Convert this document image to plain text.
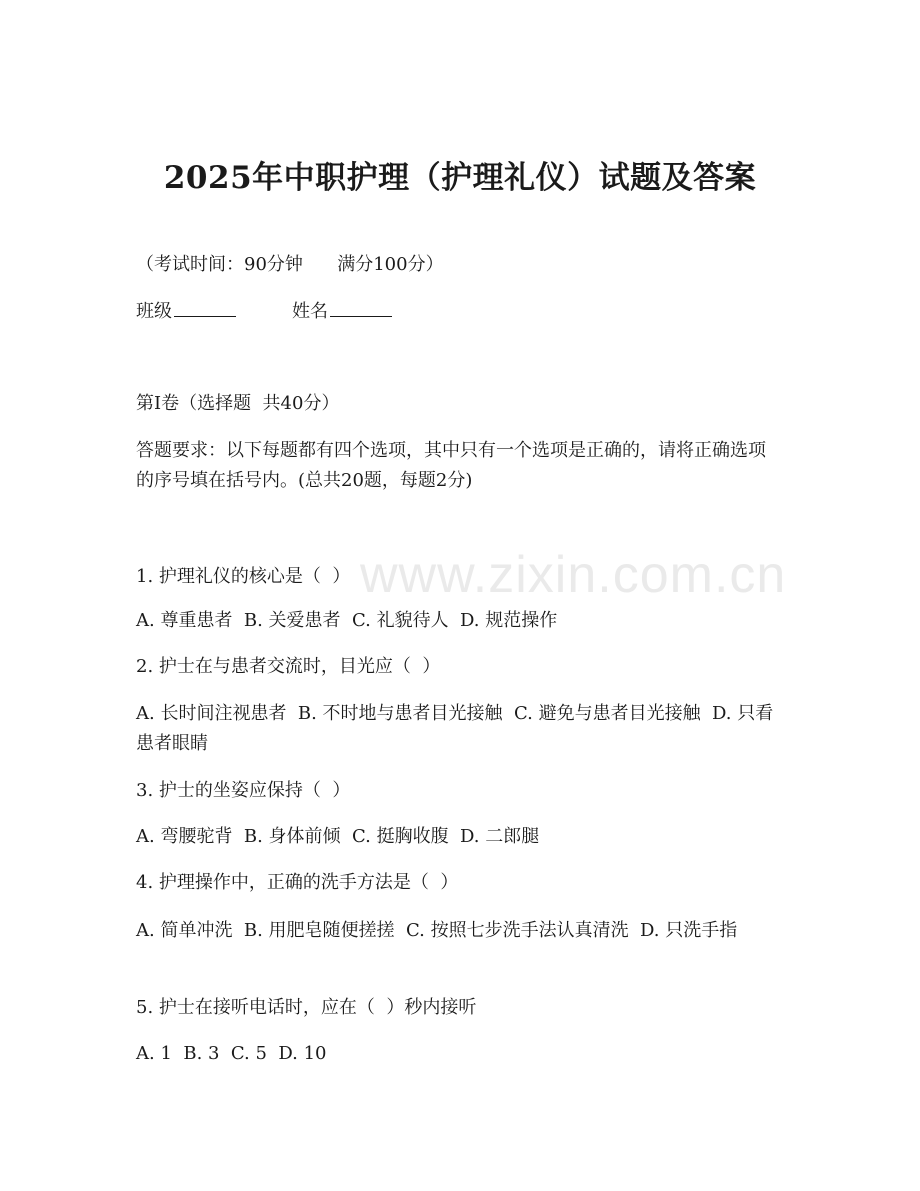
2025年中职护理（护理礼仪）试题及答案

（考试时间：90分钟      满分100分）

班级	姓名

第I卷（选择题  共40分）

答题要求：以下每题都有四个选项，其中只有一个选项是正确的，请将正确选项的序号填在括号内。(总共20题，每题2分)

1. 护理礼仪的核心是（  ）

A. 尊重患者  B. 关爱患者  C. 礼貌待人  D. 规范操作

2. 护士在与患者交流时，目光应（  ）

A. 长时间注视患者  B. 不时地与患者目光接触  C. 避免与患者目光接触  D. 只看患者眼睛

3. 护士的坐姿应保持（  ）

A. 弯腰驼背  B. 身体前倾  C. 挺胸收腹  D. 二郎腿

4. 护理操作中，正确的洗手方法是（  ）

A. 简单冲洗  B. 用肥皂随便搓搓  C. 按照七步洗手法认真清洗  D. 只洗手指

5. 护士在接听电话时，应在（  ）秒内接听

A. 1  B. 3  C. 5  D. 10

www.zixin.com.cn
